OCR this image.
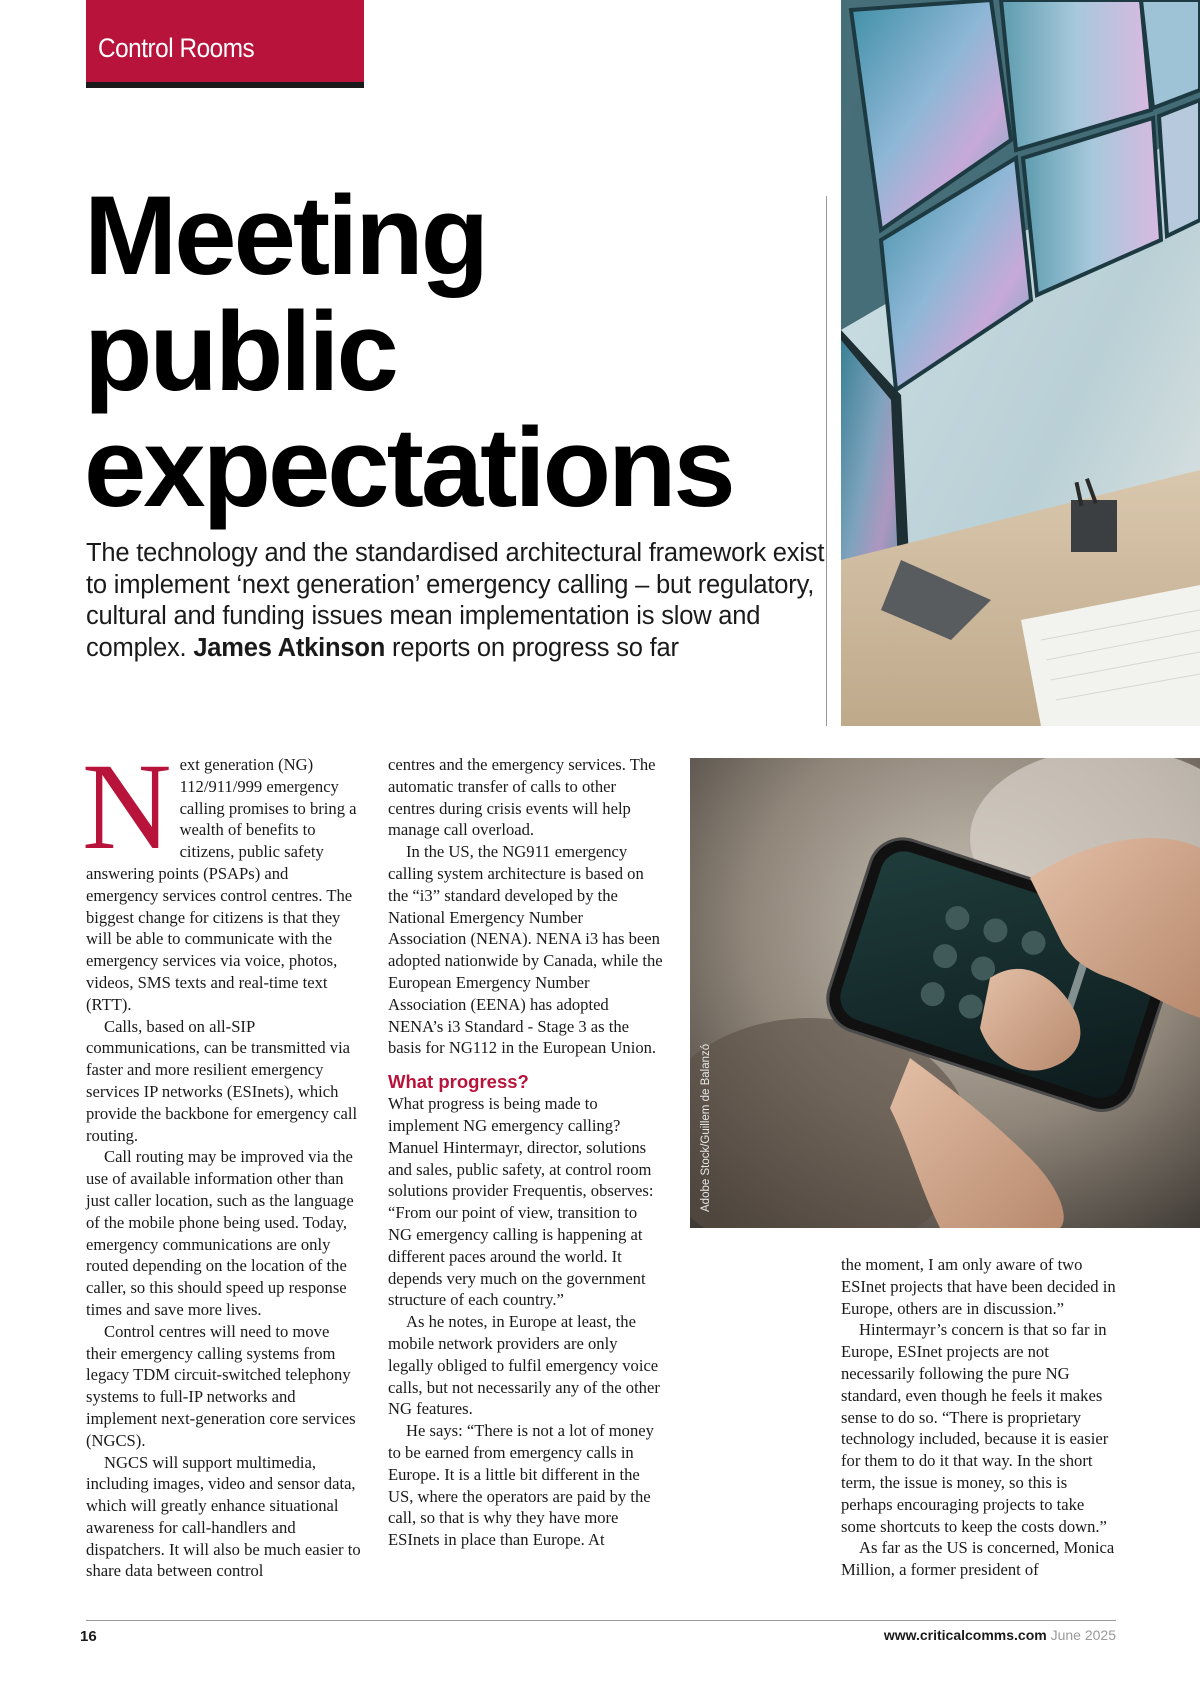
Control Rooms
Meeting
public
expectations

The technology and the standardised architectural framework exist to implement ‘next generation’ emergency calling – but regulatory, cultural and funding issues mean implementation is slow and complex. James Atkinson reports on progress so far

Next generation (NG) 112/911/999 emergency calling promises to bring a wealth of benefits to citizens, public safety answering points (PSAPs) and emergency services control centres. The biggest change for citizens is that they will be able to communicate with the emergency services via voice, photos, videos, SMS texts and real-time text (RTT).

Calls, based on all-SIP communications, can be transmitted via faster and more resilient emergency services IP networks (ESInets), which provide the backbone for emergency call routing.

Call routing may be improved via the use of available information other than just caller location, such as the language of the mobile phone being used. Today, emergency communications are only routed depending on the location of the caller, so this should speed up response times and save more lives.

Control centres will need to move their emergency calling systems from legacy TDM circuit-switched telephony systems to full-IP networks and implement next-generation core services (NGCS).

NGCS will support multimedia, including images, video and sensor data, which will greatly enhance situational awareness for call-handlers and dispatchers. It will also be much easier to share data between control

centres and the emergency services. The automatic transfer of calls to other centres during crisis events will help manage call overload.

In the US, the NG911 emergency calling system architecture is based on the “i3” standard developed by the National Emergency Number Association (NENA). NENA i3 has been adopted nationwide by Canada, while the European Emergency Number Association (EENA) has adopted NENA’s i3 Standard - Stage 3 as the basis for NG112 in the European Union.

What progress?

What progress is being made to implement NG emergency calling? Manuel Hintermayr, director, solutions and sales, public safety, at control room solutions provider Frequentis, observes: “From our point of view, transition to NG emergency calling is happening at different paces around the world. It depends very much on the government structure of each country.”

As he notes, in Europe at least, the mobile network providers are only legally obliged to fulfil emergency voice calls, but not necessarily any of the other NG features.

He says: “There is not a lot of money to be earned from emergency calls in Europe. It is a little bit different in the US, where the operators are paid by the call, so that is why they have more ESInets in place than Europe. At

Adobe Stock/Guillem de Balanzó

the moment, I am only aware of two ESInet projects that have been decided in Europe, others are in discussion.”

Hintermayr’s concern is that so far in Europe, ESInet projects are not necessarily following the pure NG standard, even though he feels it makes sense to do so. “There is proprietary technology included, because it is easier for them to do it that way. In the short term, the issue is money, so this is perhaps encouraging projects to take some shortcuts to keep the costs down.”

As far as the US is concerned, Monica Million, a former president of

16	www.criticalcomms.com June 2025
